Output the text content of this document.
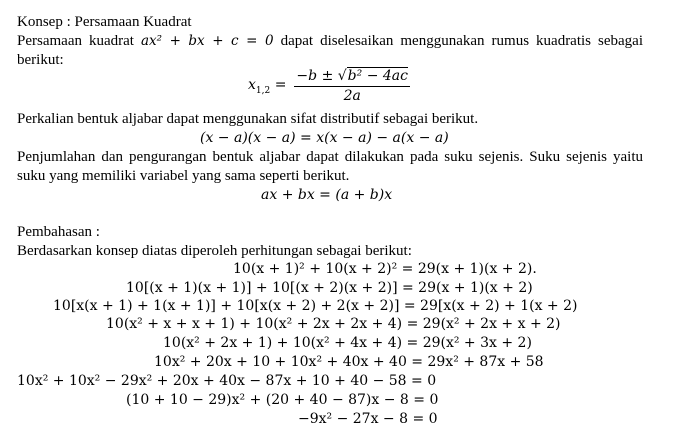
Konsep : Persamaan Kuadrat
Persamaan kuadrat ax² + bx + c = 0 dapat diselesaikan menggunakan rumus kuadratis sebagai berikut:
$x_{1,2} = \frac{\text{−b ± √b² − 4ac}}{2a}$
Perkalian bentuk aljabar dapat menggunakan sifat distributif sebagai berikut.
(x − a)(x − a) = x(x − a) − a(x − a)
Penjumlahan dan pengurangan bentuk aljabar dapat dilakukan pada suku sejenis. Suku sejenis yaitu suku yang memiliki variabel yang sama seperti berikut.
ax + bx = (a + b)x
Pembahasan :
Berdasarkan konsep diatas diperoleh perhitungan sebagai berikut:
10(x + 1)² + 10(x + 2)² = 29(x + 1)(x + 2).
10[(x + 1)(x + 1)] + 10[(x + 2)(x + 2)] = 29(x + 1)(x + 2)
10[x(x + 1) + 1(x + 1)] + 10[x(x + 2) + 2(x + 2)] = 29[x(x + 2) + 1(x + 2)
10(x² + x + x + 1) + 10(x² + 2x + 2x + 4) = 29(x² + 2x + x + 2)
10(x² + 2x + 1) + 10(x² + 4x + 4) = 29(x² + 3x + 2)
10x² + 20x + 10 + 10x² + 40x + 40 = 29x² + 87x + 58
10x² + 10x² − 29x² + 20x + 40x − 87x + 10 + 40 − 58 = 0
(10 + 10 − 29)x² + (20 + 40 − 87)x − 8 = 0
−9x² − 27x − 8 = 0
